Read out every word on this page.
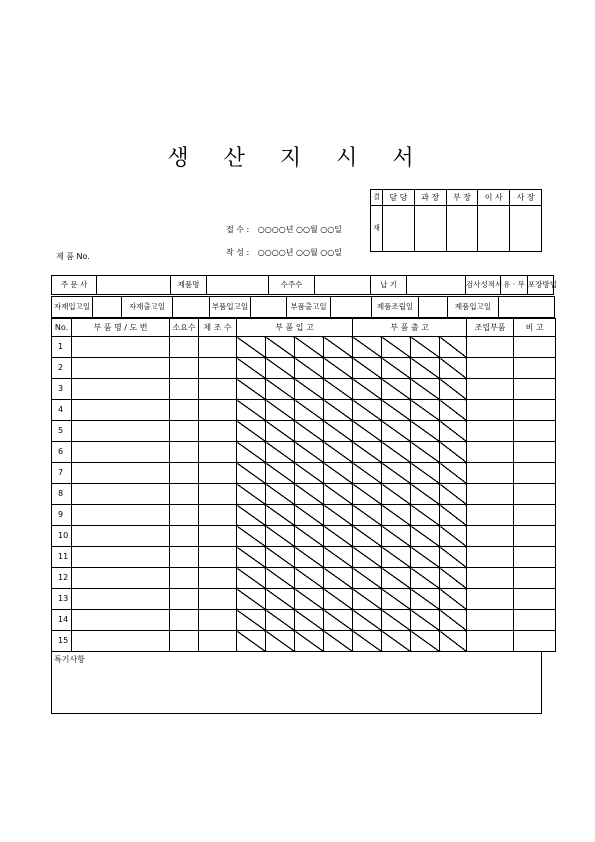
생 산 지 시 서
접 수 : ○○○○년 ○○월 ○○일
작 성 : ○○○○년 ○○월 ○○일
제 품 No.
결	담 당	과 장	부 장	이 사	사 장
재					
주 문 사		제품명		수주수		납 기		검사성적서	유 · 무	포장방법
자재입고일		자재출고일		부품입고일		부품출고일		제품조립일		제품입고일	
No.	부 품 명 / 도 번	소요수	제 조 수	부 품 입 고				부 품 출 고				조립부품	비 고
1													
2													
3													
4													
5													
6													
7													
8													
9													
10													
11													
12													
13													
14													
15													
특기사항
